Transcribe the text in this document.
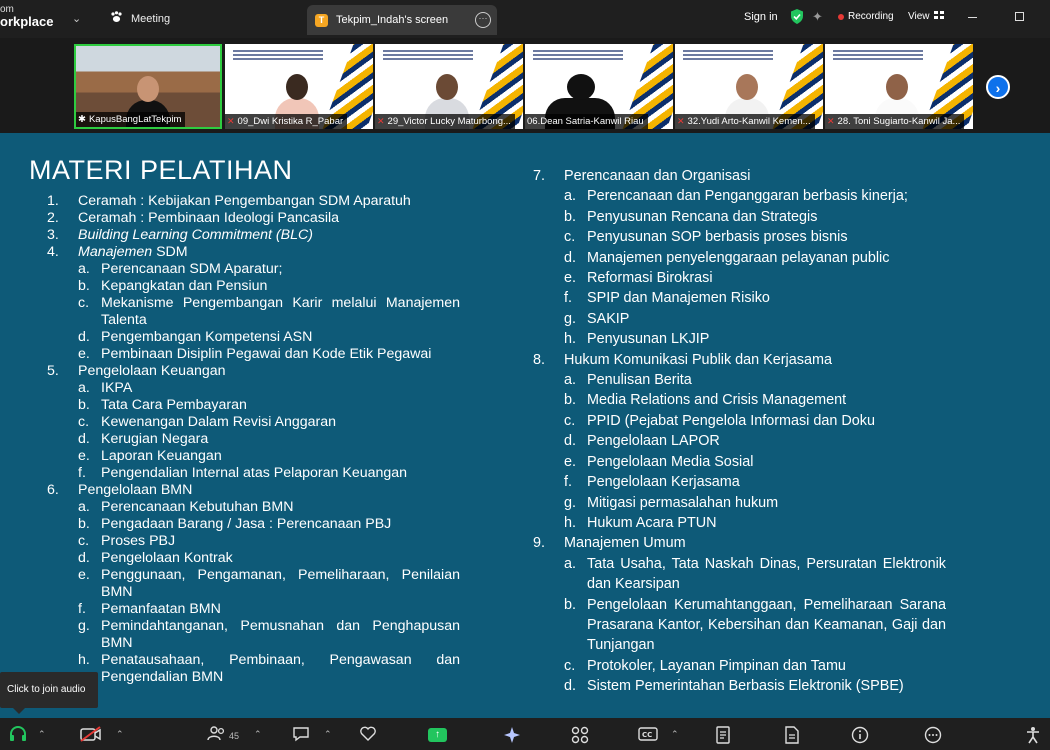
om
orkplace ⌄	Meeting	T	Tekpim_Indah's screen	···	Sign in	✦	Recording View
✱ KapusBangLatTekpim	✕ 09_Dwi Kristika R_Pabar	✕ 29_Victor Lucky Maturbong... 06.Dean Satria-Kanwil Riau	✕ 32.Yudi Arto-Kanwil Kemen... ✕ 28. Toni Sugiarto-Kanwil Ja...
›
MATERI PELATIHAN
1.	Ceramah : Kebijakan Pengembangan SDM Aparatuh
2.	Ceramah : Pembinaan Ideologi Pancasila
3.	Building Learning Commitment (BLC)
4.	Manajemen SDM
a. Perencanaan SDM Aparatur;
b. Kepangkatan dan Pensiun
c. Mekanisme Pengembangan Karir melalui Manajemen Talenta
d. Pengembangan Kompetensi ASN
e. Pembinaan Disiplin Pegawai dan Kode Etik Pegawai
5.	Pengelolaan Keuangan
a. IKPA
b. Tata Cara Pembayaran
c. Kewenangan Dalam Revisi Anggaran
d. Kerugian Negara
e. Laporan Keuangan
f.	Pengendalian Internal atas Pelaporan Keuangan
6.	Pengelolaan BMN
a. Perencanaan Kebutuhan BMN
b. Pengadaan Barang / Jasa : Perencanaan PBJ
c. Proses PBJ
d. Pengelolaan Kontrak
e. Penggunaan, Pengamanan, Pemeliharaan, Penilaian BMN
f.	Pemanfaatan BMN
g. Pemindahtanganan, Pemusnahan dan Penghapusan BMN
h. Penatausahaan, Pembinaan, Pengawasan dan Pengendalian BMN
7.	Perencanaan dan Organisasi
a. Perencanaan dan Penganggaran berbasis kinerja;
b. Penyusunan Rencana dan Strategis
c. Penyusunan SOP berbasis proses bisnis
d. Manajemen penyelenggaraan pelayanan public
e. Reformasi Birokrasi
f.	SPIP dan Manajemen Risiko
g. SAKIP
h. Penyusunan LKJIP
8.	Hukum Komunikasi Publik dan Kerjasama
a. Penulisan Berita
b. Media Relations and Crisis Management
c. PPID (Pejabat Pengelola Informasi dan Doku
d. Pengelolaan LAPOR
e. Pengelolaan Media Sosial
f.	Pengelolaan Kerjasama
g. Mitigasi permasalahan hukum
h. Hukum Acara PTUN
9.	Manajemen Umum
a. Tata Usaha, Tata Naskah Dinas, Persuratan Elektronik dan Kearsipan
b. Pengelolaan Kerumahtanggaan, Pemeliharaan Sarana Prasarana Kantor, Kebersihan dan Keamanan, Gaji dan Tunjangan
c. Protokoler, Layanan Pimpinan dan Tamu
d. Sistem Pemerintahan Berbasis Elektronik (SPBE)
Click to join audio
⌃	⌃	45 ⌃	⌃	↑	CC ⌃
